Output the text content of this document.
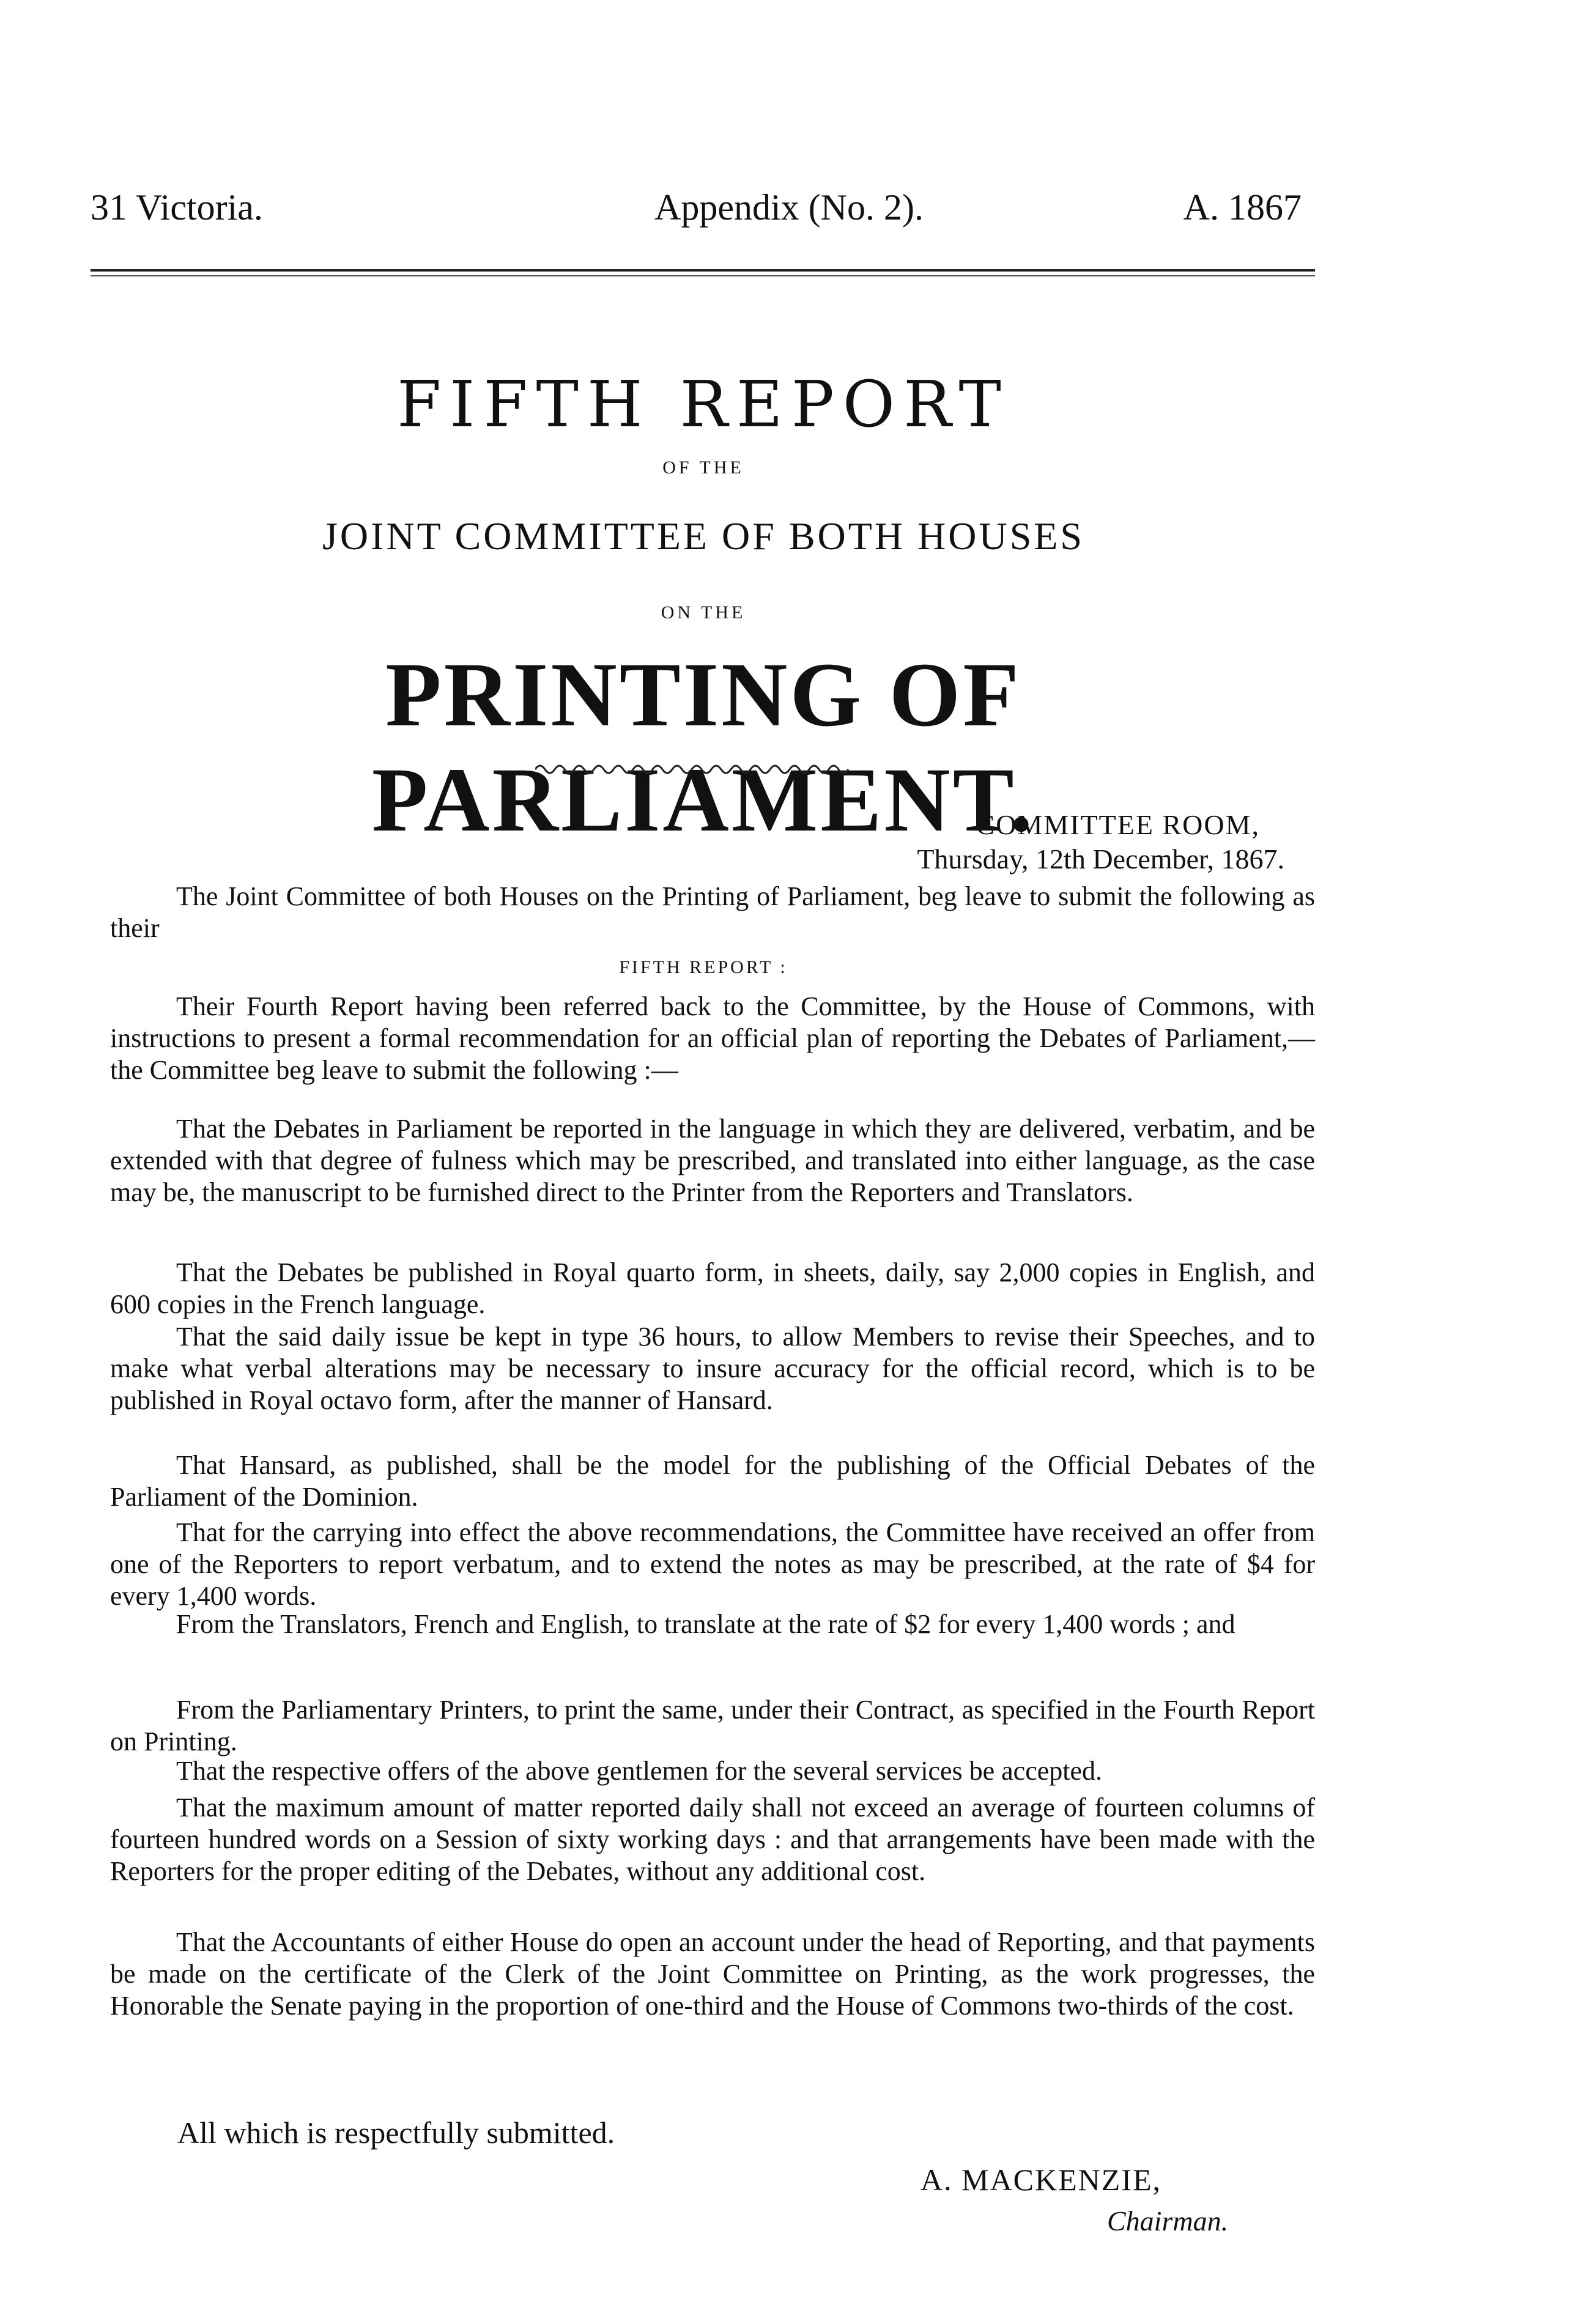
31 Victoria.	Appendix (No. 2).	A. 1867
FIFTH REPORT
OF THE
JOINT COMMITTEE OF BOTH HOUSES
ON THE
PRINTING OF PARLIAMENT.
COMMITTEE ROOM,
Thursday, 12th December, 1867.
The Joint Committee of both Houses on the Printing of Parliament, beg leave to submit the following as their
FIFTH REPORT :
Their Fourth Report having been referred back to the Committee, by the House of Commons, with instructions to present a formal recommendation for an official plan of reporting the Debates of Parliament,—the Committee beg leave to submit the following :—
That the Debates in Parliament be reported in the language in which they are delivered, verbatim, and be extended with that degree of fulness which may be prescribed, and translated into either language, as the case may be, the manuscript to be furnished direct to the Printer from the Reporters and Translators.
That the Debates be published in Royal quarto form, in sheets, daily, say 2,000 copies in English, and 600 copies in the French language.
That the said daily issue be kept in type 36 hours, to allow Members to revise their Speeches, and to make what verbal alterations may be necessary to insure accuracy for the official record, which is to be published in Royal octavo form, after the manner of Hansard.
That Hansard, as published, shall be the model for the publishing of the Official Debates of the Parliament of the Dominion.
That for the carrying into effect the above recommendations, the Committee have received an offer from one of the Reporters to report verbatum, and to extend the notes as may be prescribed, at the rate of $4 for every 1,400 words.
From the Translators, French and English, to translate at the rate of $2 for every 1,400 words ; and
From the Parliamentary Printers, to print the same, under their Contract, as specified in the Fourth Report on Printing.
That the respective offers of the above gentlemen for the several services be accepted.
That the maximum amount of matter reported daily shall not exceed an average of fourteen columns of fourteen hundred words on a Session of sixty working days : and that arrangements have been made with the Reporters for the proper editing of the Debates, without any additional cost.
That the Accountants of either House do open an account under the head of Reporting, and that payments be made on the certificate of the Clerk of the Joint Committee on Printing, as the work progresses, the Honorable the Senate paying in the proportion of one-third and the House of Commons two-thirds of the cost.
All which is respectfully submitted.
A. MACKENZIE,
Chairman.
